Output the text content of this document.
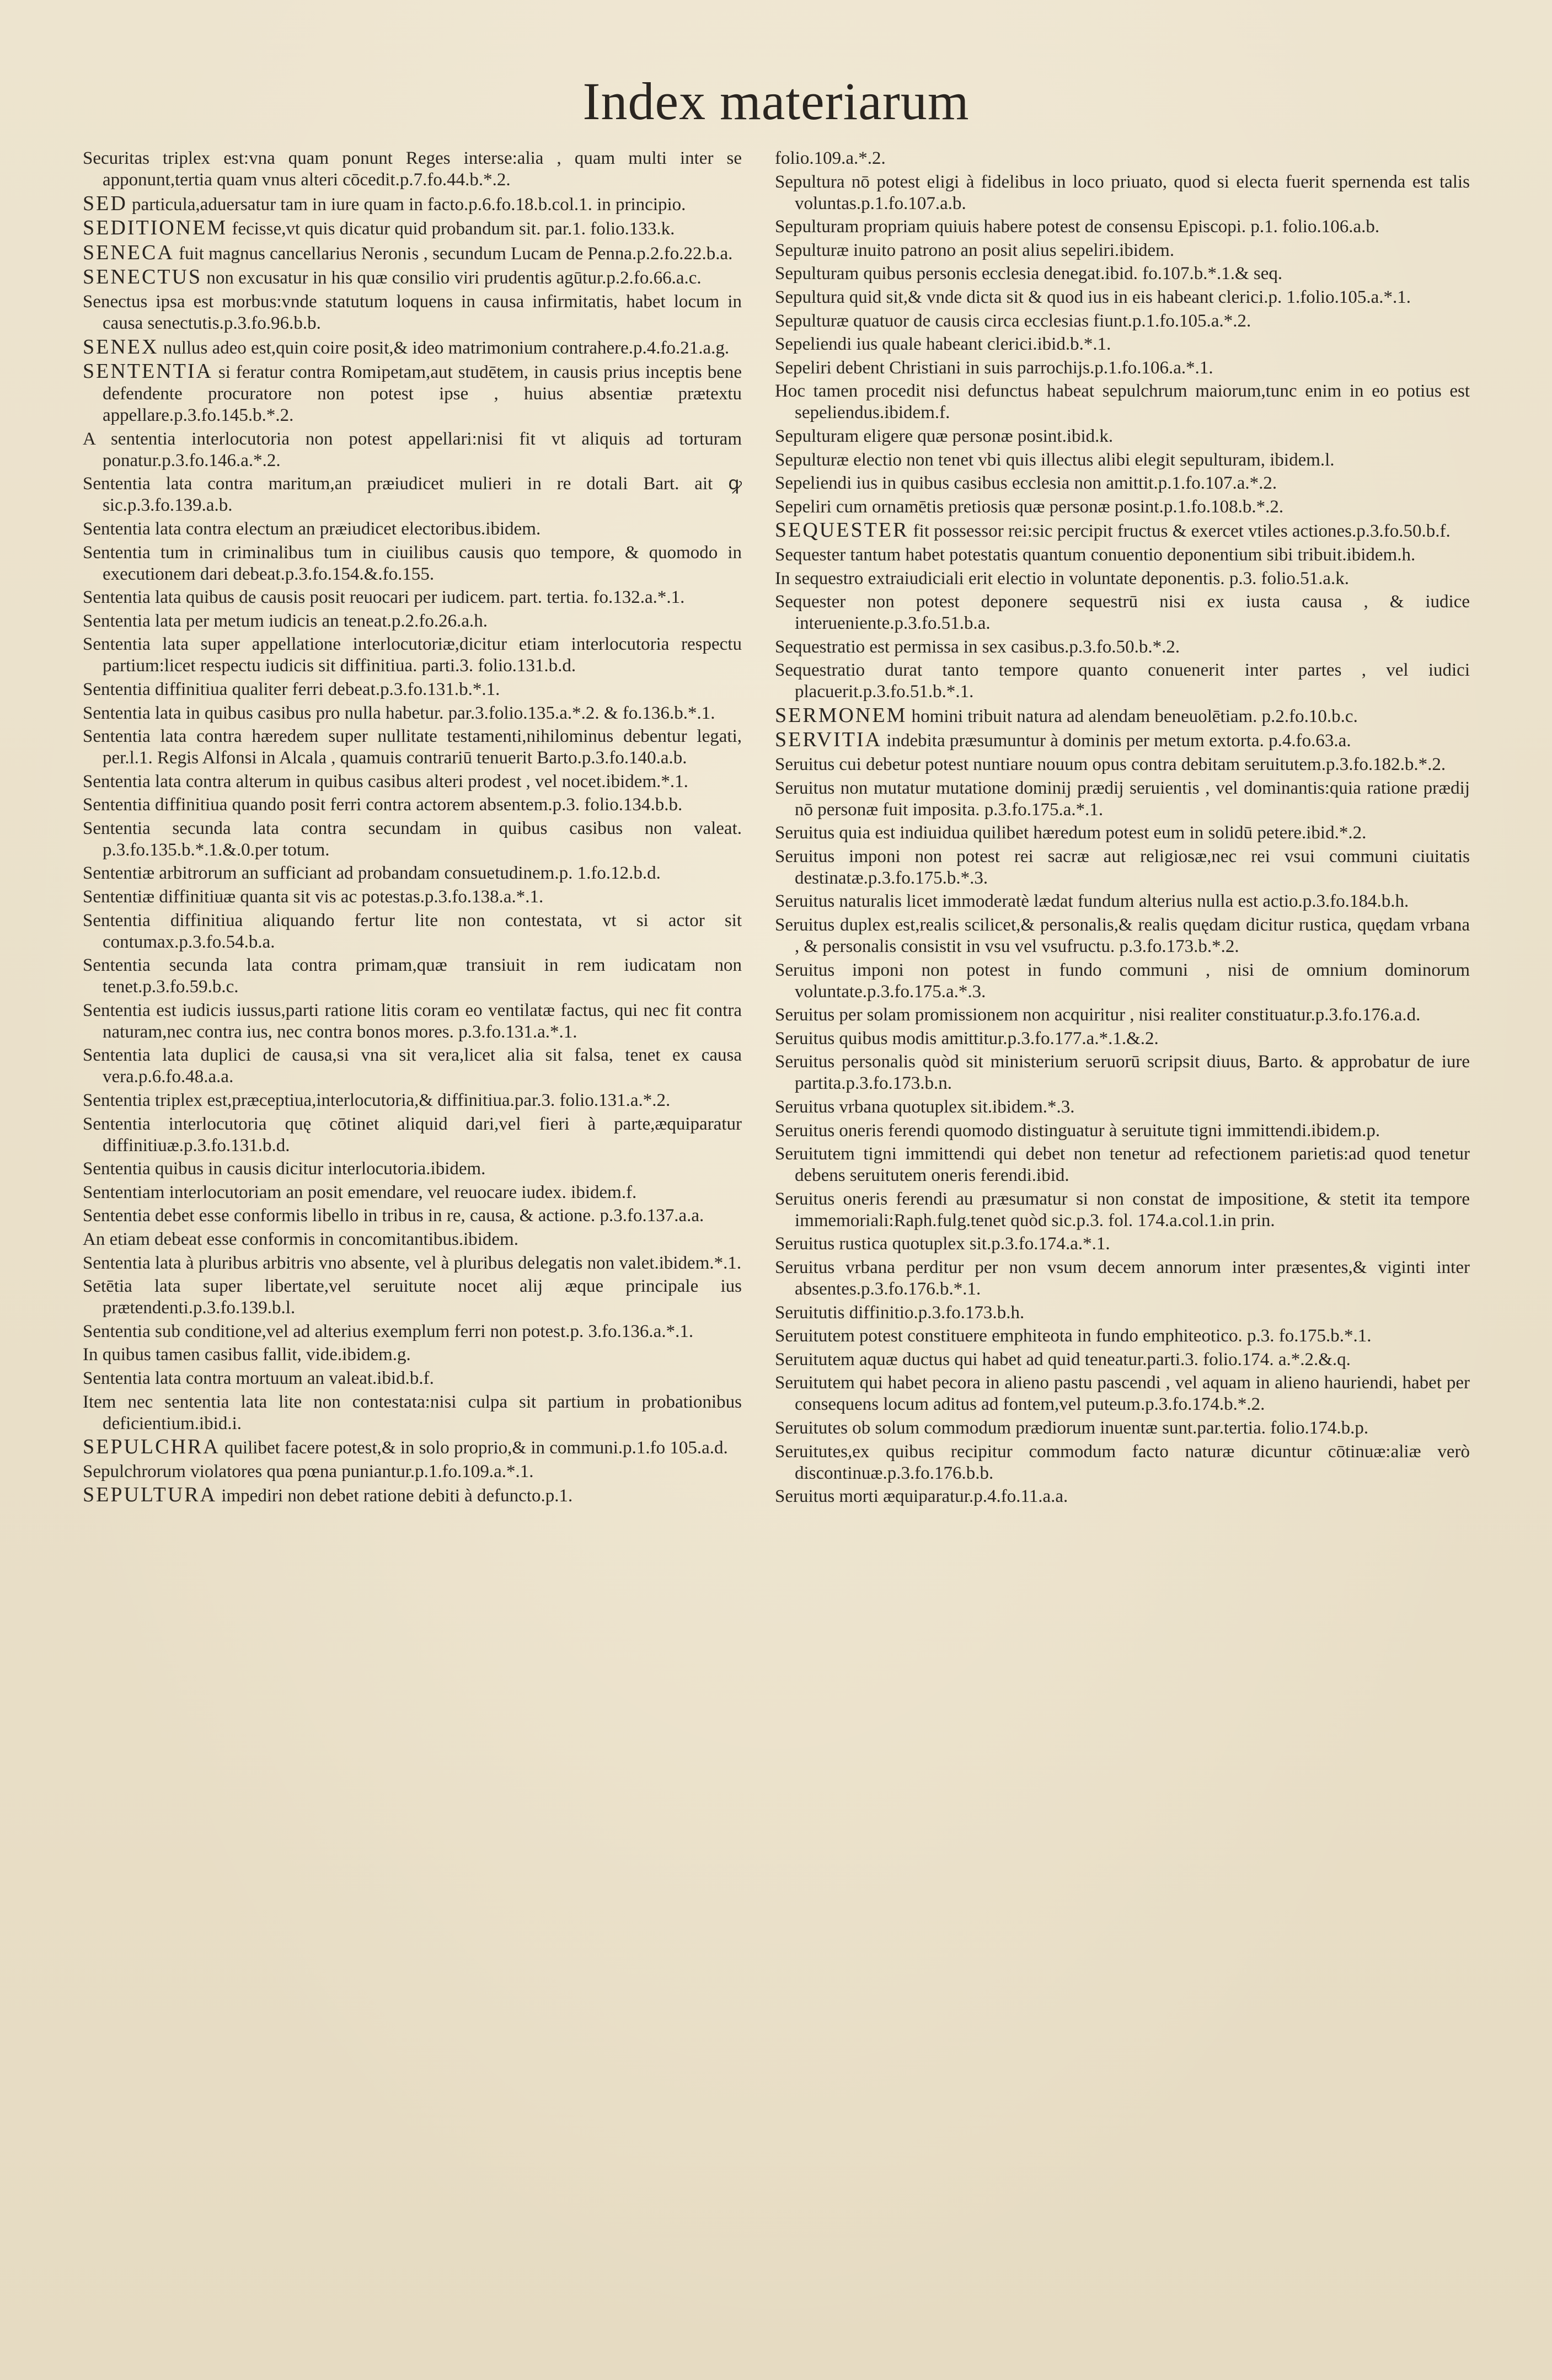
Index materiarum
Securitas triplex est:vna quam ponunt Reges interse:alia , quam multi inter se apponunt,tertia quam vnus alteri cōcedit.p.7.fo.44.b.*.2.
SED particula,aduersatur tam in iure quam in facto.p.6.fo.18.b.col.1. in principio.
SEDITIONEM fecisse,vt quis dicatur quid probandum sit. par.1. folio.133.k.
SENECA fuit magnus cancellarius Neronis , secundum Lucam de Penna.p.2.fo.22.b.a.
SENECTUS non excusatur in his quæ consilio viri prudentis agūtur.p.2.fo.66.a.c.
Senectus ipsa est morbus:vnde statutum loquens in causa infirmitatis, habet locum in causa senectutis.p.3.fo.96.b.b.
SENEX nullus adeo est,quin coire posit,& ideo matrimonium contrahere.p.4.fo.21.a.g.
SENTENTIA si feratur contra Romipetam,aut studētem, in causis prius inceptis bene defendente procuratore non potest ipse , huius absentiæ prætextu appellare.p.3.fo.145.b.*.2.
A sententia interlocutoria non potest appellari:nisi fit vt aliquis ad torturam ponatur.p.3.fo.146.a.*.2.
Sententia lata contra maritum,an præiudicet mulieri in re dotali Bart. ait ꝙ sic.p.3.fo.139.a.b.
Sententia lata contra electum an præiudicet electoribus.ibidem.
Sententia tum in criminalibus tum in ciuilibus causis quo tempore, & quomodo in executionem dari debeat.p.3.fo.154.&.fo.155.
Sententia lata quibus de causis posit reuocari per iudicem. part. tertia. fo.132.a.*.1.
Sententia lata per metum iudicis an teneat.p.2.fo.26.a.h.
Sententia lata super appellatione interlocutoriæ,dicitur etiam interlocutoria respectu partium:licet respectu iudicis sit diffinitiua. parti.3. folio.131.b.d.
Sententia diffinitiua qualiter ferri debeat.p.3.fo.131.b.*.1.
Sententia lata in quibus casibus pro nulla habetur. par.3.folio.135.a.*.2. & fo.136.b.*.1.
Sententia lata contra hæredem super nullitate testamenti,nihilominus debentur legati, per.l.1. Regis Alfonsi in Alcala , quamuis contrariū tenuerit Barto.p.3.fo.140.a.b.
Sententia lata contra alterum in quibus casibus alteri prodest , vel nocet.ibidem.*.1.
Sententia diffinitiua quando posit ferri contra actorem absentem.p.3. folio.134.b.b.
Sententia secunda lata contra secundam in quibus casibus non valeat. p.3.fo.135.b.*.1.&.0.per totum.
Sententiæ arbitrorum an sufficiant ad probandam consuetudinem.p. 1.fo.12.b.d.
Sententiæ diffinitiuæ quanta sit vis ac potestas.p.3.fo.138.a.*.1.
Sententia diffinitiua aliquando fertur lite non contestata, vt si actor sit contumax.p.3.fo.54.b.a.
Sententia secunda lata contra primam,quæ transiuit in rem iudicatam non tenet.p.3.fo.59.b.c.
Sententia est iudicis iussus,parti ratione litis coram eo ventilatæ factus, qui nec fit contra naturam,nec contra ius, nec contra bonos mores. p.3.fo.131.a.*.1.
Sententia lata duplici de causa,si vna sit vera,licet alia sit falsa, tenet ex causa vera.p.6.fo.48.a.a.
Sententia triplex est,præceptiua,interlocutoria,& diffinitiua.par.3. folio.131.a.*.2.
Sententia interlocutoria quę cōtinet aliquid dari,vel fieri à parte,æquiparatur diffinitiuæ.p.3.fo.131.b.d.
Sententia quibus in causis dicitur interlocutoria.ibidem.
Sententiam interlocutoriam an posit emendare, vel reuocare iudex. ibidem.f.
Sententia debet esse conformis libello in tribus in re, causa, & actione. p.3.fo.137.a.a.
An etiam debeat esse conformis in concomitantibus.ibidem.
Sententia lata à pluribus arbitris vno absente, vel à pluribus delegatis non valet.ibidem.*.1.
Setētia lata super libertate,vel seruitute nocet alij æque principale ius prætendenti.p.3.fo.139.b.l.
Sententia sub conditione,vel ad alterius exemplum ferri non potest.p. 3.fo.136.a.*.1.
In quibus tamen casibus fallit, vide.ibidem.g.
Sententia lata contra mortuum an valeat.ibid.b.f.
Item nec sententia lata lite non contestata:nisi culpa sit partium in probationibus deficientium.ibid.i.
SEPULCHRA quilibet facere potest,& in solo proprio,& in communi.p.1.fo 105.a.d.
Sepulchrorum violatores qua pœna puniantur.p.1.fo.109.a.*.1.
SEPULTURA impediri non debet ratione debiti à defuncto.p.1.
folio.109.a.*.2.
Sepultura nō potest eligi à fidelibus in loco priuato, quod si electa fuerit spernenda est talis voluntas.p.1.fo.107.a.b.
Sepulturam propriam quiuis habere potest de consensu Episcopi. p.1. folio.106.a.b.
Sepulturæ inuito patrono an posit alius sepeliri.ibidem.
Sepulturam quibus personis ecclesia denegat.ibid. fo.107.b.*.1.& seq.
Sepultura quid sit,& vnde dicta sit & quod ius in eis habeant clerici.p. 1.folio.105.a.*.1.
Sepulturæ quatuor de causis circa ecclesias fiunt.p.1.fo.105.a.*.2.
Sepeliendi ius quale habeant clerici.ibid.b.*.1.
Sepeliri debent Christiani in suis parrochijs.p.1.fo.106.a.*.1.
Hoc tamen procedit nisi defunctus habeat sepulchrum maiorum,tunc enim in eo potius est sepeliendus.ibidem.f.
Sepulturam eligere quæ personæ posint.ibid.k.
Sepulturæ electio non tenet vbi quis illectus alibi elegit sepulturam, ibidem.l.
Sepeliendi ius in quibus casibus ecclesia non amittit.p.1.fo.107.a.*.2.
Sepeliri cum ornamētis pretiosis quæ personæ posint.p.1.fo.108.b.*.2.
SEQUESTER fit possessor rei:sic percipit fructus & exercet vtiles actiones.p.3.fo.50.b.f.
Sequester tantum habet potestatis quantum conuentio deponentium sibi tribuit.ibidem.h.
In sequestro extraiudiciali erit electio in voluntate deponentis. p.3. folio.51.a.k.
Sequester non potest deponere sequestrū nisi ex iusta causa , & iudice interueniente.p.3.fo.51.b.a.
Sequestratio est permissa in sex casibus.p.3.fo.50.b.*.2.
Sequestratio durat tanto tempore quanto conuenerit inter partes , vel iudici placuerit.p.3.fo.51.b.*.1.
SERMONEM homini tribuit natura ad alendam beneuolētiam. p.2.fo.10.b.c.
SERVITIA indebita præsumuntur à dominis per metum extorta. p.4.fo.63.a.
Seruitus cui debetur potest nuntiare nouum opus contra debitam seruitutem.p.3.fo.182.b.*.2.
Seruitus non mutatur mutatione dominij prædij seruientis , vel dominantis:quia ratione prædij nō personæ fuit imposita. p.3.fo.175.a.*.1.
Seruitus quia est indiuidua quilibet hæredum potest eum in solidū petere.ibid.*.2.
Seruitus imponi non potest rei sacræ aut religiosæ,nec rei vsui communi ciuitatis destinatæ.p.3.fo.175.b.*.3.
Seruitus naturalis licet immoderatè lædat fundum alterius nulla est actio.p.3.fo.184.b.h.
Seruitus duplex est,realis scilicet,& personalis,& realis quędam dicitur rustica, quędam vrbana , & personalis consistit in vsu vel vsufructu. p.3.fo.173.b.*.2.
Seruitus imponi non potest in fundo communi , nisi de omnium dominorum voluntate.p.3.fo.175.a.*.3.
Seruitus per solam promissionem non acquiritur , nisi realiter constituatur.p.3.fo.176.a.d.
Seruitus quibus modis amittitur.p.3.fo.177.a.*.1.&.2.
Seruitus personalis quòd sit ministerium seruorū scripsit diuus, Barto. & approbatur de iure partita.p.3.fo.173.b.n.
Seruitus vrbana quotuplex sit.ibidem.*.3.
Seruitus oneris ferendi quomodo distinguatur à seruitute tigni immittendi.ibidem.p.
Seruitutem tigni immittendi qui debet non tenetur ad refectionem parietis:ad quod tenetur debens seruitutem oneris ferendi.ibid.
Seruitus oneris ferendi au præsumatur si non constat de impositione, & stetit ita tempore immemoriali:Raph.fulg.tenet quòd sic.p.3. fol. 174.a.col.1.in prin.
Seruitus rustica quotuplex sit.p.3.fo.174.a.*.1.
Seruitus vrbana perditur per non vsum decem annorum inter præsentes,& viginti inter absentes.p.3.fo.176.b.*.1.
Seruitutis diffinitio.p.3.fo.173.b.h.
Seruitutem potest constituere emphiteota in fundo emphiteotico. p.3. fo.175.b.*.1.
Seruitutem aquæ ductus qui habet ad quid teneatur.parti.3. folio.174. a.*.2.&.q.
Seruitutem qui habet pecora in alieno pastu pascendi , vel aquam in alieno hauriendi, habet per consequens locum aditus ad fontem,vel puteum.p.3.fo.174.b.*.2.
Seruitutes ob solum commodum prædiorum inuentæ sunt.par.tertia. folio.174.b.p.
Seruitutes,ex quibus recipitur commodum facto naturæ dicuntur cōtinuæ:aliæ verò discontinuæ.p.3.fo.176.b.b.
Seruitus morti æquiparatur.p.4.fo.11.a.a.
